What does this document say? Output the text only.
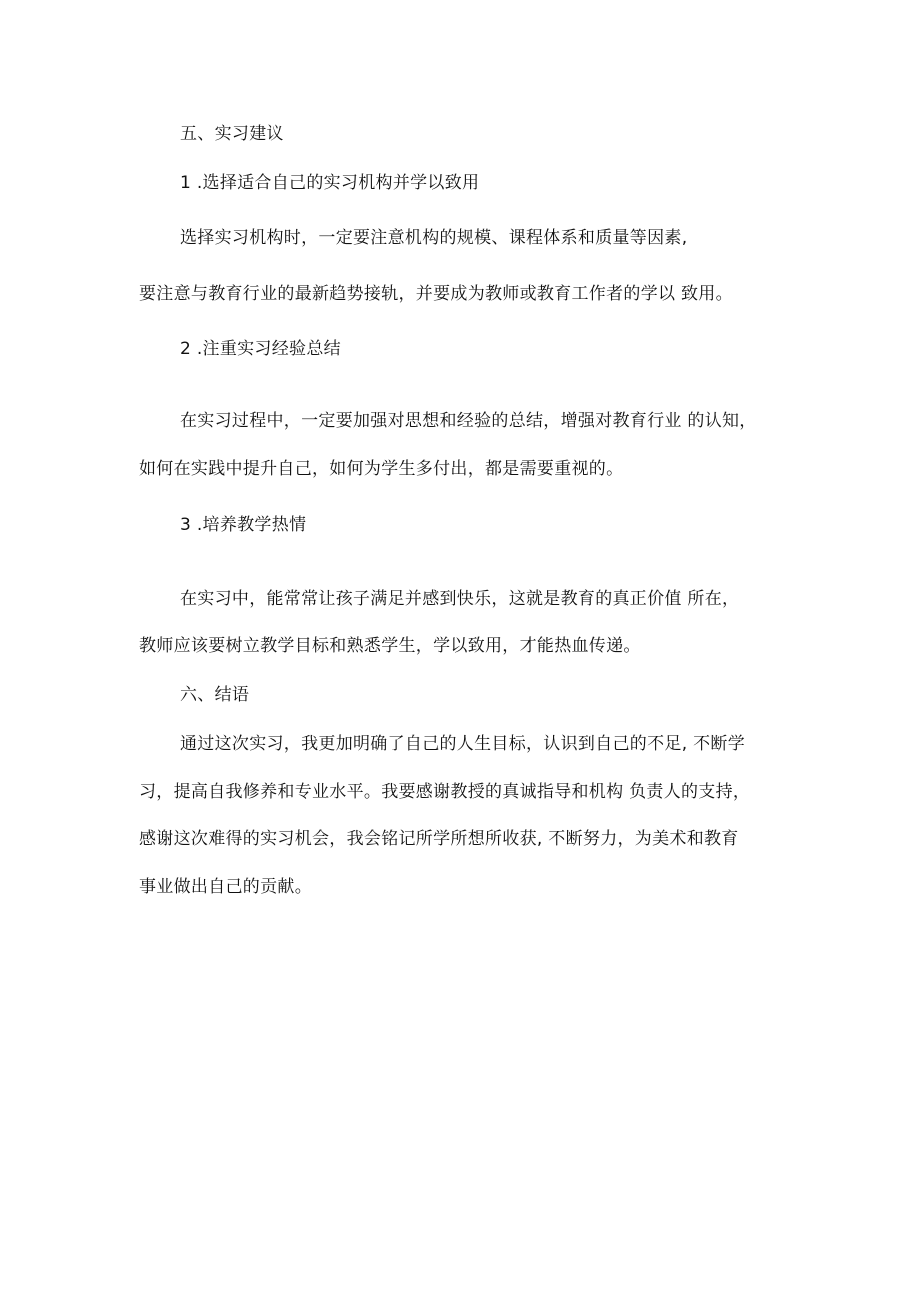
五、实习建议
1 .选择适合自己的实习机构并学以致用
选择实习机构时，一定要注意机构的规模、课程体系和质量等因素,
要注意与教育行业的最新趋势接轨，并要成为教师或教育工作者的学以 致用。
2 .注重实习经验总结
在实习过程中，一定要加强对思想和经验的总结，增强对教育行业 的认知，
如何在实践中提升自己，如何为学生多付出，都是需要重视的。
3 .培养教学热情
在实习中，能常常让孩子满足并感到快乐，这就是教育的真正价值 所在，
教师应该要树立教学目标和熟悉学生，学以致用，才能热血传递。
六、结语
通过这次实习，我更加明确了自己的人生目标，认识到自己的不足, 不断学
习，提高自我修养和专业水平。我要感谢教授的真诚指导和机构 负责人的支持，
感谢这次难得的实习机会，我会铭记所学所想所收获, 不断努力，为美术和教育
事业做出自己的贡献。
